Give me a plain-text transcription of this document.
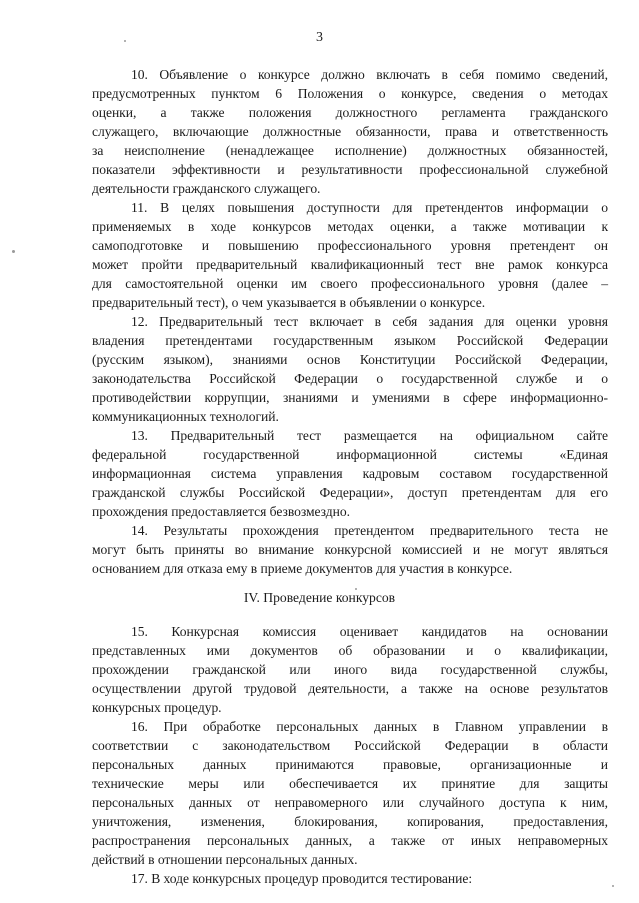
3
10. Объявление о конкурсе должно включать в себя помимо сведений,
предусмотренных пунктом 6 Положения о конкурсе, сведения о методах
оценки, а также положения должностного регламента гражданского
служащего, включающие должностные обязанности, права и ответственность
за неисполнение (ненадлежащее исполнение) должностных обязанностей,
показатели эффективности и результативности профессиональной служебной
деятельности гражданского служащего.
11. В целях повышения доступности для претендентов информации о
применяемых в ходе конкурсов методах оценки, а также мотивации к
самоподготовке и повышению профессионального уровня претендент он
может пройти предварительный квалификационный тест вне рамок конкурса
для самостоятельной оценки им своего профессионального уровня (далее –
предварительный тест), о чем указывается в объявлении о конкурсе.
12. Предварительный тест включает в себя задания для оценки уровня
владения претендентами государственным языком Российской Федерации
(русским языком), знаниями основ Конституции Российской Федерации,
законодательства Российской Федерации о государственной службе и о
противодействии коррупции, знаниями и умениями в сфере информационно-
коммуникационных технологий.
13. Предварительный тест размещается на официальном сайте
федеральной государственной информационной системы «Единая
информационная система управления кадровым составом государственной
гражданской службы Российской Федерации», доступ претендентам для его
прохождения предоставляется безвозмездно.
14. Результаты прохождения претендентом предварительного теста не
могут быть приняты во внимание конкурсной комиссией и не могут являться
основанием для отказа ему в приеме документов для участия в конкурсе.
IV. Проведение конкурсов
15. Конкурсная комиссия оценивает кандидатов на основании
представленных ими документов об образовании и о квалификации,
прохождении гражданской или иного вида государственной службы,
осуществлении другой трудовой деятельности, а также на основе результатов
конкурсных процедур.
16. При обработке персональных данных в Главном управлении в
соответствии с законодательством Российской Федерации в области
персональных данных принимаются правовые, организационные и
технические меры или обеспечивается их принятие для защиты
персональных данных от неправомерного или случайного доступа к ним,
уничтожения, изменения, блокирования, копирования, предоставления,
распространения персональных данных, а также от иных неправомерных
действий в отношении персональных данных.
17. В ходе конкурсных процедур проводится тестирование:
